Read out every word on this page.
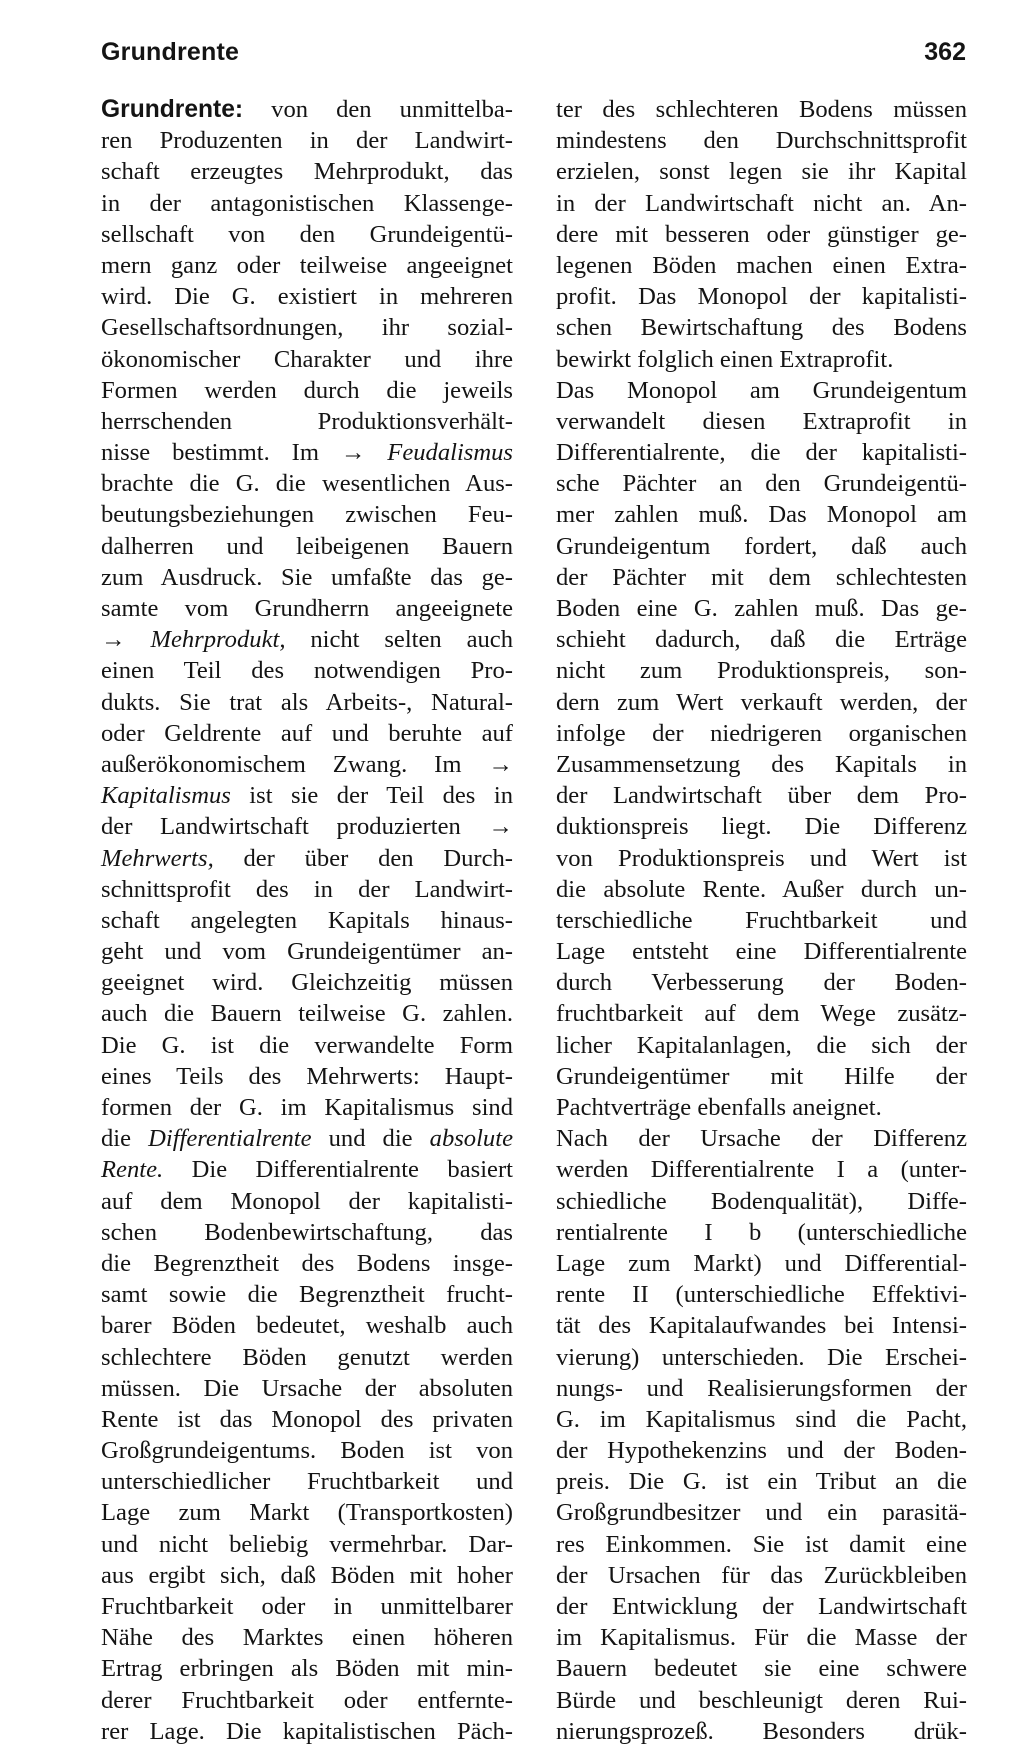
Grundrente	362
Grundrente: von den unmittelba-
ren Produzenten in der Landwirt-
schaft erzeugtes Mehrprodukt, das
in der antagonistischen Klassenge-
sellschaft von den Grundeigentü-
mern ganz oder teilweise angeeignet
wird. Die G. existiert in mehreren
Gesellschaftsordnungen, ihr sozial-
ökonomischer Charakter und ihre
Formen werden durch die jeweils
herrschenden Produktionsverhält-
nisse bestimmt. Im → Feudalismus
brachte die G. die wesentlichen Aus-
beutungsbeziehungen zwischen Feu-
dalherren und leibeigenen Bauern
zum Ausdruck. Sie umfaßte das ge-
samte vom Grundherrn angeeignete
→ Mehrprodukt, nicht selten auch
einen Teil des notwendigen Pro-
dukts. Sie trat als Arbeits-, Natural-
oder Geldrente auf und beruhte auf
außerökonomischem Zwang. Im →
Kapitalismus ist sie der Teil des in
der Landwirtschaft produzierten →
Mehrwerts, der über den Durch-
schnittsprofit des in der Landwirt-
schaft angelegten Kapitals hinaus-
geht und vom Grundeigentümer an-
geeignet wird. Gleichzeitig müssen
auch die Bauern teilweise G. zahlen.
Die G. ist die verwandelte Form
eines Teils des Mehrwerts: Haupt-
formen der G. im Kapitalismus sind
die Differentialrente und die absolute
Rente. Die Differentialrente basiert
auf dem Monopol der kapitalisti-
schen Bodenbewirtschaftung, das
die Begrenztheit des Bodens insge-
samt sowie die Begrenztheit frucht-
barer Böden bedeutet, weshalb auch
schlechtere Böden genutzt werden
müssen. Die Ursache der absoluten
Rente ist das Monopol des privaten
Großgrundeigentums. Boden ist von
unterschiedlicher Fruchtbarkeit und
Lage zum Markt (Transportkosten)
und nicht beliebig vermehrbar. Dar-
aus ergibt sich, daß Böden mit hoher
Fruchtbarkeit oder in unmittelbarer
Nähe des Marktes einen höheren
Ertrag erbringen als Böden mit min-
derer Fruchtbarkeit oder entfernte-
rer Lage. Die kapitalistischen Päch-
ter des schlechteren Bodens müssen
mindestens den Durchschnittsprofit
erzielen, sonst legen sie ihr Kapital
in der Landwirtschaft nicht an. An-
dere mit besseren oder günstiger ge-
legenen Böden machen einen Extra-
profit. Das Monopol der kapitalisti-
schen Bewirtschaftung des Bodens
bewirkt folglich einen Extraprofit.
Das Monopol am Grundeigentum
verwandelt diesen Extraprofit in
Differentialrente, die der kapitalisti-
sche Pächter an den Grundeigentü-
mer zahlen muß. Das Monopol am
Grundeigentum fordert, daß auch
der Pächter mit dem schlechtesten
Boden eine G. zahlen muß. Das ge-
schieht dadurch, daß die Erträge
nicht zum Produktionspreis, son-
dern zum Wert verkauft werden, der
infolge der niedrigeren organischen
Zusammensetzung des Kapitals in
der Landwirtschaft über dem Pro-
duktionspreis liegt. Die Differenz
von Produktionspreis und Wert ist
die absolute Rente. Außer durch un-
terschiedliche Fruchtbarkeit und
Lage entsteht eine Differentialrente
durch Verbesserung der Boden-
fruchtbarkeit auf dem Wege zusätz-
licher Kapitalanlagen, die sich der
Grundeigentümer mit Hilfe der
Pachtverträge ebenfalls aneignet.
Nach der Ursache der Differenz
werden Differentialrente I a (unter-
schiedliche Bodenqualität), Diffe-
rentialrente I b (unterschiedliche
Lage zum Markt) und Differential-
rente II (unterschiedliche Effektivi-
tät des Kapitalaufwandes bei Intensi-
vierung) unterschieden. Die Erschei-
nungs- und Realisierungsformen der
G. im Kapitalismus sind die Pacht,
der Hypothekenzins und der Boden-
preis. Die G. ist ein Tribut an die
Großgrundbesitzer und ein parasitä-
res Einkommen. Sie ist damit eine
der Ursachen für das Zurückbleiben
der Entwicklung der Landwirtschaft
im Kapitalismus. Für die Masse der
Bauern bedeutet sie eine schwere
Bürde und beschleunigt deren Rui-
nierungsprozeß. Besonders drük-
